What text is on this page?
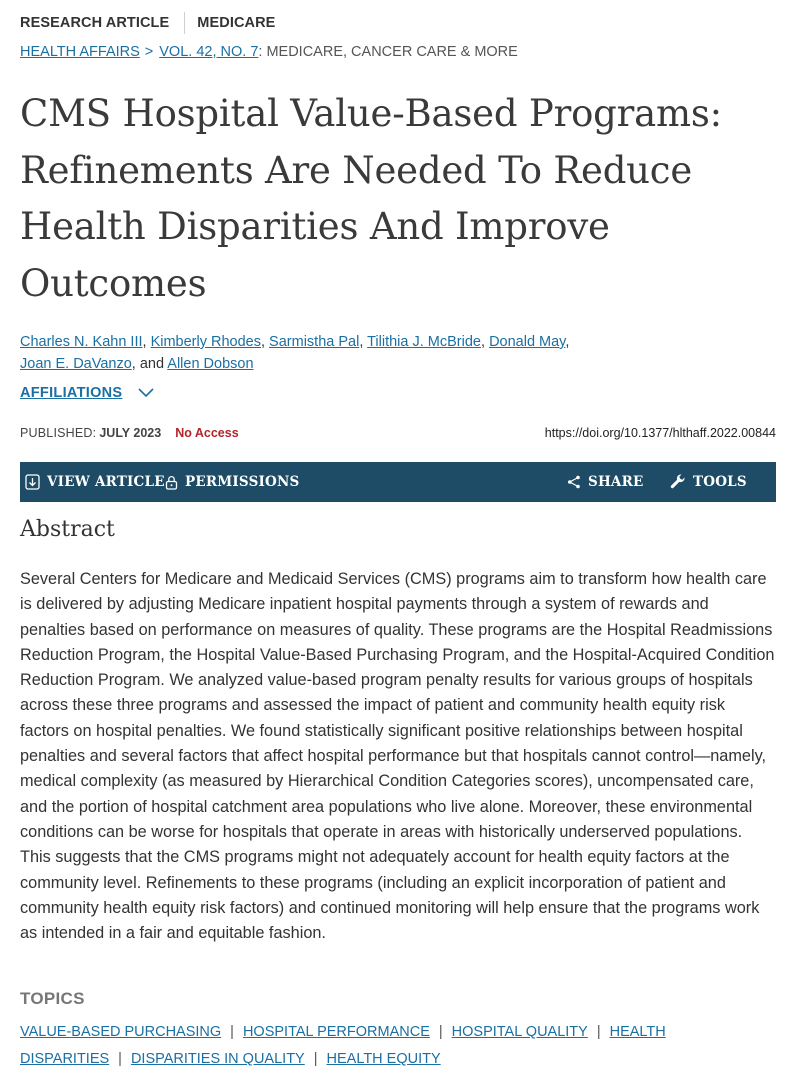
RESEARCH ARTICLE MEDICARE
HEALTH AFFAIRS > VOL. 42, NO. 7: MEDICARE, CANCER CARE & MORE
CMS Hospital Value-Based Programs: Refinements Are Needed To Reduce Health Disparities And Improve Outcomes
Charles N. Kahn III, Kimberly Rhodes, Sarmistha Pal, Tilithia J. McBride, Donald May,
Joan E. DaVanzo, and Allen Dobson
AFFILIATIONS
PUBLISHED: JULY 2023 No Access	https://doi.org/10.1377/hlthaff.2022.00844
VIEW ARTICLE PERMISSIONS	SHARE	TOOLS
Abstract

Several Centers for Medicare and Medicaid Services (CMS) programs aim to transform how health care is delivered by adjusting Medicare inpatient hospital payments through a system of rewards and penalties based on performance on measures of quality. These programs are the Hospital Readmissions Reduction Program, the Hospital Value-Based Purchasing Program, and the Hospital-Acquired Condition Reduction Program. We analyzed value-based program penalty results for various groups of hospitals across these three programs and assessed the impact of patient and community health equity risk factors on hospital penalties. We found statistically significant positive relationships between hospital penalties and several factors that affect hospital performance but that hospitals cannot control—namely, medical complexity (as measured by Hierarchical Condition Categories scores), uncompensated care, and the portion of hospital catchment area populations who live alone. Moreover, these environmental conditions can be worse for hospitals that operate in areas with historically underserved populations. This suggests that the CMS programs might not adequately account for health equity factors at the community level. Refinements to these programs (including an explicit incorporation of patient and community health equity risk factors) and continued monitoring will help ensure that the programs work as intended in a fair and equitable fashion.

TOPICS
VALUE-BASED PURCHASING | HOSPITAL PERFORMANCE | HOSPITAL QUALITY | HEALTH DISPARITIES | DISPARITIES IN QUALITY | HEALTH EQUITY
